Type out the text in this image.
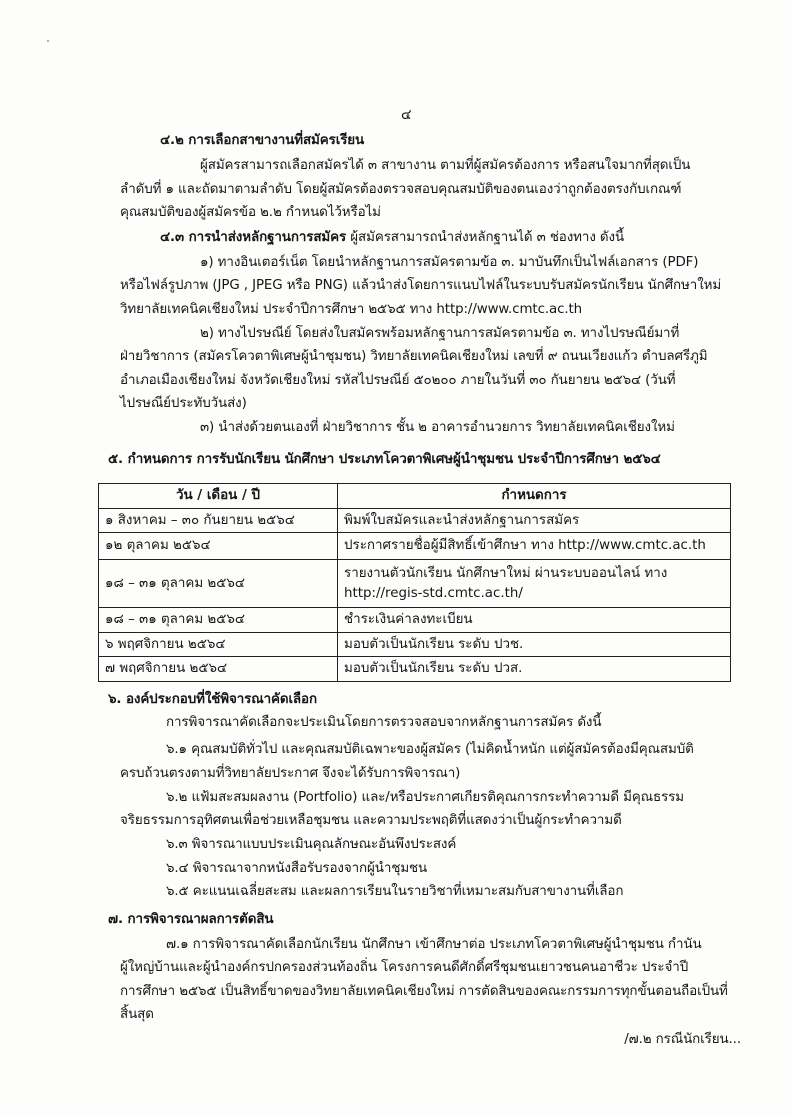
๔
๔.๒ การเลือกสาขางานที่สมัครเรียน
ผู้สมัครสามารถเลือกสมัครได้ ๓ สาขางาน ตามที่ผู้สมัครต้องการ หรือสนใจมากที่สุดเป็น
ลำดับที่ ๑ และถัดมาตามลำดับ โดยผู้สมัครต้องตรวจสอบคุณสมบัติของตนเองว่าถูกต้องตรงกับเกณฑ์
คุณสมบัติของผู้สมัครข้อ ๒.๒ กำหนดไว้หรือไม่
๔.๓ การนำส่งหลักฐานการสมัคร ผู้สมัครสามารถนำส่งหลักฐานได้ ๓ ช่องทาง ดังนี้
๑) ทางอินเตอร์เน็ต โดยนำหลักฐานการสมัครตามข้อ ๓. มาบันทึกเป็นไฟล์เอกสาร (PDF)
หรือไฟล์รูปภาพ (JPG , JPEG หรือ PNG) แล้วนำส่งโดยการแนบไฟล์ในระบบรับสมัครนักเรียน นักศึกษาใหม่
วิทยาลัยเทคนิคเชียงใหม่ ประจำปีการศึกษา ๒๕๖๕ ทาง http://www.cmtc.ac.th
๒) ทางไปรษณีย์ โดยส่งใบสมัครพร้อมหลักฐานการสมัครตามข้อ ๓. ทางไปรษณีย์มาที่
ฝ่ายวิชาการ (สมัครโควตาพิเศษผู้นำชุมชน) วิทยาลัยเทคนิคเชียงใหม่ เลขที่ ๙ ถนนเวียงแก้ว ตำบลศรีภูมิ
อำเภอเมืองเชียงใหม่ จังหวัดเชียงใหม่ รหัสไปรษณีย์ ๕๐๒๐๐ ภายในวันที่ ๓๐ กันยายน ๒๕๖๔ (วันที่
ไปรษณีย์ประทับวันส่ง)
๓) นำส่งด้วยตนเองที่ ฝ่ายวิชาการ ชั้น ๒ อาคารอำนวยการ วิทยาลัยเทคนิคเชียงใหม่
๕. กำหนดการ การรับนักเรียน นักศึกษา ประเภทโควตาพิเศษผู้นำชุมชน ประจำปีการศึกษา ๒๕๖๔
วัน / เดือน / ปี	กำหนดการ
๑ สิงหาคม – ๓๐ กันยายน ๒๕๖๔	พิมพ์ใบสมัครและนำส่งหลักฐานการสมัคร
๑๒ ตุลาคม ๒๕๖๔	ประกาศรายชื่อผู้มีสิทธิ์เข้าศึกษา ทาง http://www.cmtc.ac.th
๑๘ – ๓๑ ตุลาคม ๒๕๖๔	รายงานตัวนักเรียน นักศึกษาใหม่ ผ่านระบบออนไลน์ ทาง
http://regis-std.cmtc.ac.th/

๑๘ – ๓๑ ตุลาคม ๒๕๖๔	ชำระเงินค่าลงทะเบียน
๖ พฤศจิกายน ๒๕๖๔	มอบตัวเป็นนักเรียน ระดับ ปวช.
๗ พฤศจิกายน ๒๕๖๔	มอบตัวเป็นนักเรียน ระดับ ปวส.
๖. องค์ประกอบที่ใช้พิจารณาคัดเลือก
การพิจารณาคัดเลือกจะประเมินโดยการตรวจสอบจากหลักฐานการสมัคร ดังนี้
๖.๑ คุณสมบัติทั่วไป และคุณสมบัติเฉพาะของผู้สมัคร (ไม่คิดน้ำหนัก แต่ผู้สมัครต้องมีคุณสมบัติ
ครบถ้วนตรงตามที่วิทยาลัยประกาศ จึงจะได้รับการพิจารณา)
๖.๒ แฟ้มสะสมผลงาน (Portfolio) และ/หรือประกาศเกียรติคุณการกระทำความดี มีคุณธรรม
จริยธรรมการอุทิศตนเพื่อช่วยเหลือชุมชน และความประพฤติที่แสดงว่าเป็นผู้กระทำความดี
๖.๓ พิจารณาแบบประเมินคุณลักษณะอันพึงประสงค์
๖.๔ พิจารณาจากหนังสือรับรองจากผู้นำชุมชน
๖.๕ คะแนนเฉลี่ยสะสม และผลการเรียนในรายวิชาที่เหมาะสมกับสาขางานที่เลือก
๗. การพิจารณาผลการตัดสิน
๗.๑ การพิจารณาคัดเลือกนักเรียน นักศึกษา เข้าศึกษาต่อ ประเภทโควตาพิเศษผู้นำชุมชน กำนัน
ผู้ใหญ่บ้านและผู้นำองค์กรปกครองส่วนท้องถิ่น โครงการคนดีศักดิ์ศรีชุมชนเยาวชนคนอาชีวะ ประจำปี
การศึกษา ๒๕๖๕ เป็นสิทธิ์ขาดของวิทยาลัยเทคนิคเชียงใหม่ การตัดสินของคณะกรรมการทุกขั้นตอนถือเป็นที่
สิ้นสุด
/๗.๒ กรณีนักเรียน...
